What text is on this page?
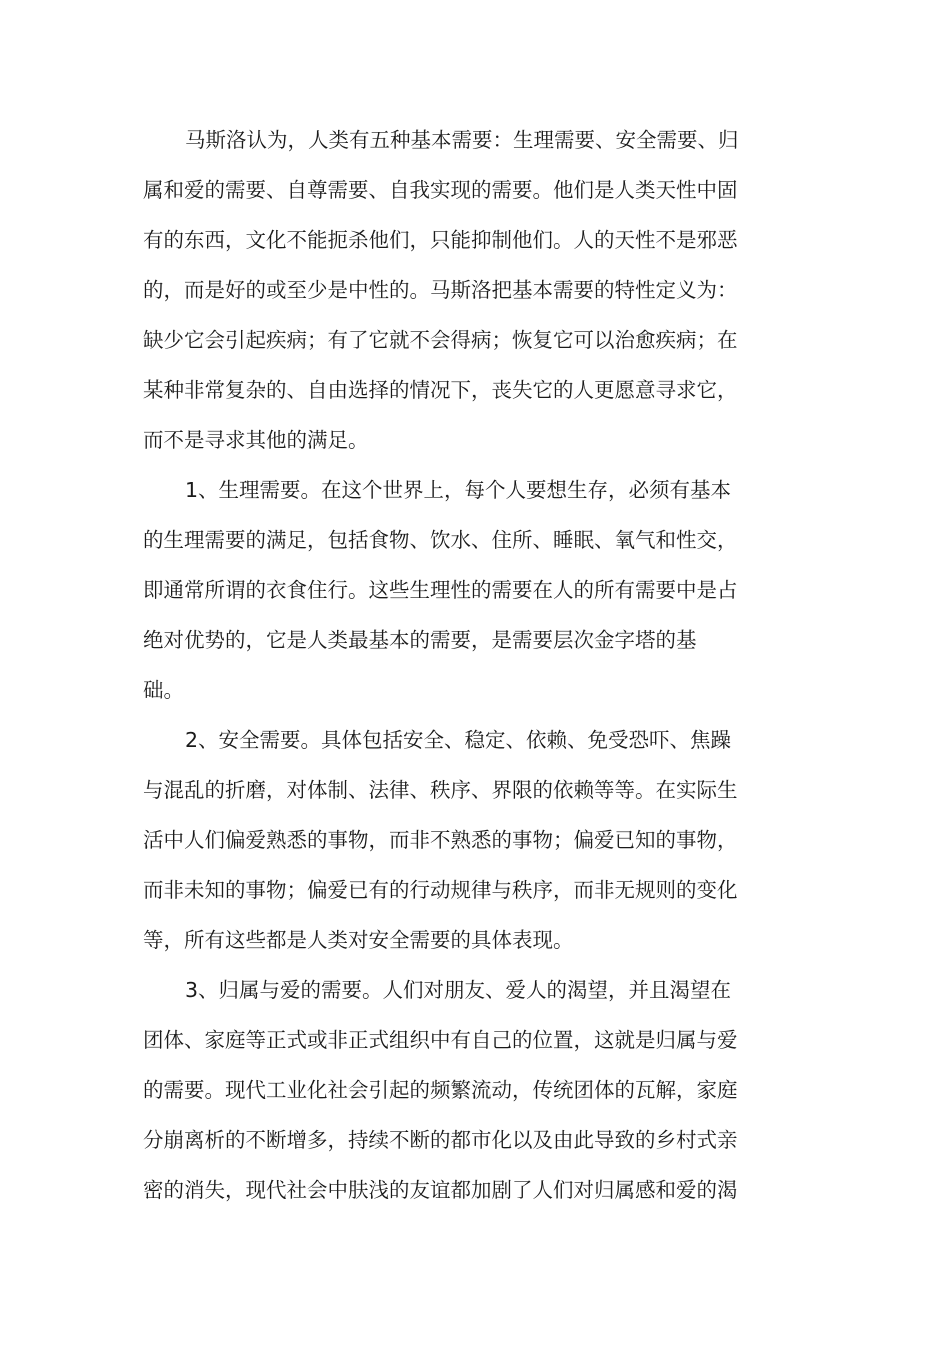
马斯洛认为，人类有五种基本需要：生理需要、安全需要、归
属和爱的需要、自尊需要、自我实现的需要。他们是人类天性中固
有的东西，文化不能扼杀他们，只能抑制他们。人的天性不是邪恶
的，而是好的或至少是中性的。马斯洛把基本需要的特性定义为：
缺少它会引起疾病；有了它就不会得病；恢复它可以治愈疾病；在
某种非常复杂的、自由选择的情况下，丧失它的人更愿意寻求它，
而不是寻求其他的满足。
1、生理需要。在这个世界上，每个人要想生存，必须有基本
的生理需要的满足，包括食物、饮水、住所、睡眠、氧气和性交，
即通常所谓的衣食住行。这些生理性的需要在人的所有需要中是占
绝对优势的，它是人类最基本的需要，是需要层次金字塔的基
础。
2、安全需要。具体包括安全、稳定、依赖、免受恐吓、焦躁
与混乱的折磨，对体制、法律、秩序、界限的依赖等等。在实际生
活中人们偏爱熟悉的事物，而非不熟悉的事物；偏爱已知的事物，
而非未知的事物；偏爱已有的行动规律与秩序，而非无规则的变化
等，所有这些都是人类对安全需要的具体表现。
3、归属与爱的需要。人们对朋友、爱人的渴望，并且渴望在
团体、家庭等正式或非正式组织中有自己的位置，这就是归属与爱
的需要。现代工业化社会引起的频繁流动，传统团体的瓦解，家庭
分崩离析的不断增多，持续不断的都市化以及由此导致的乡村式亲
密的消失，现代社会中肤浅的友谊都加剧了人们对归属感和爱的渴
